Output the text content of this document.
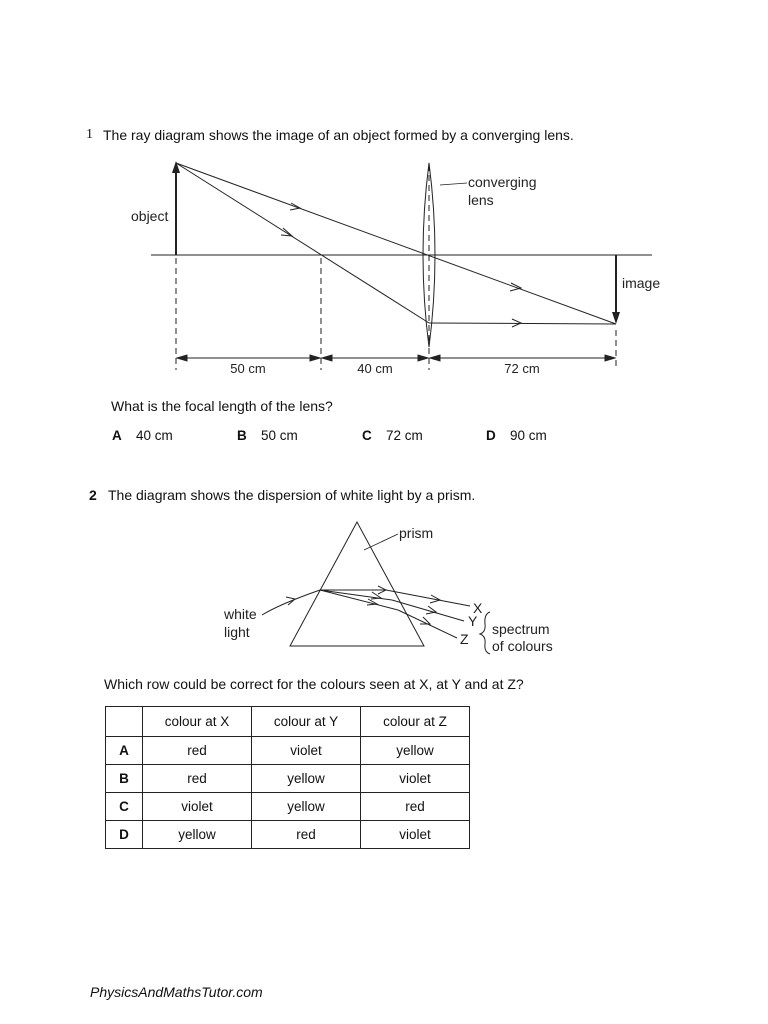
1 The ray diagram shows the image of an object formed by a converging lens.
object
converging
lens
image
50 cm	40 cm	72 cm
What is the focal length of the lens?
A 40 cm	B 50 cm	C 72 cm	D 90 cm
2 The diagram shows the dispersion of white light by a prism.
prism
white
light
X
Y
Z
spectrum
of colours
Which row could be correct for the colours seen at X, at Y and at Z?
	colour at X	colour at Y	colour at Z
A	red	violet	yellow
B	red	yellow	violet
C	violet	yellow	red
D	yellow	red	violet
PhysicsAndMathsTutor.com
